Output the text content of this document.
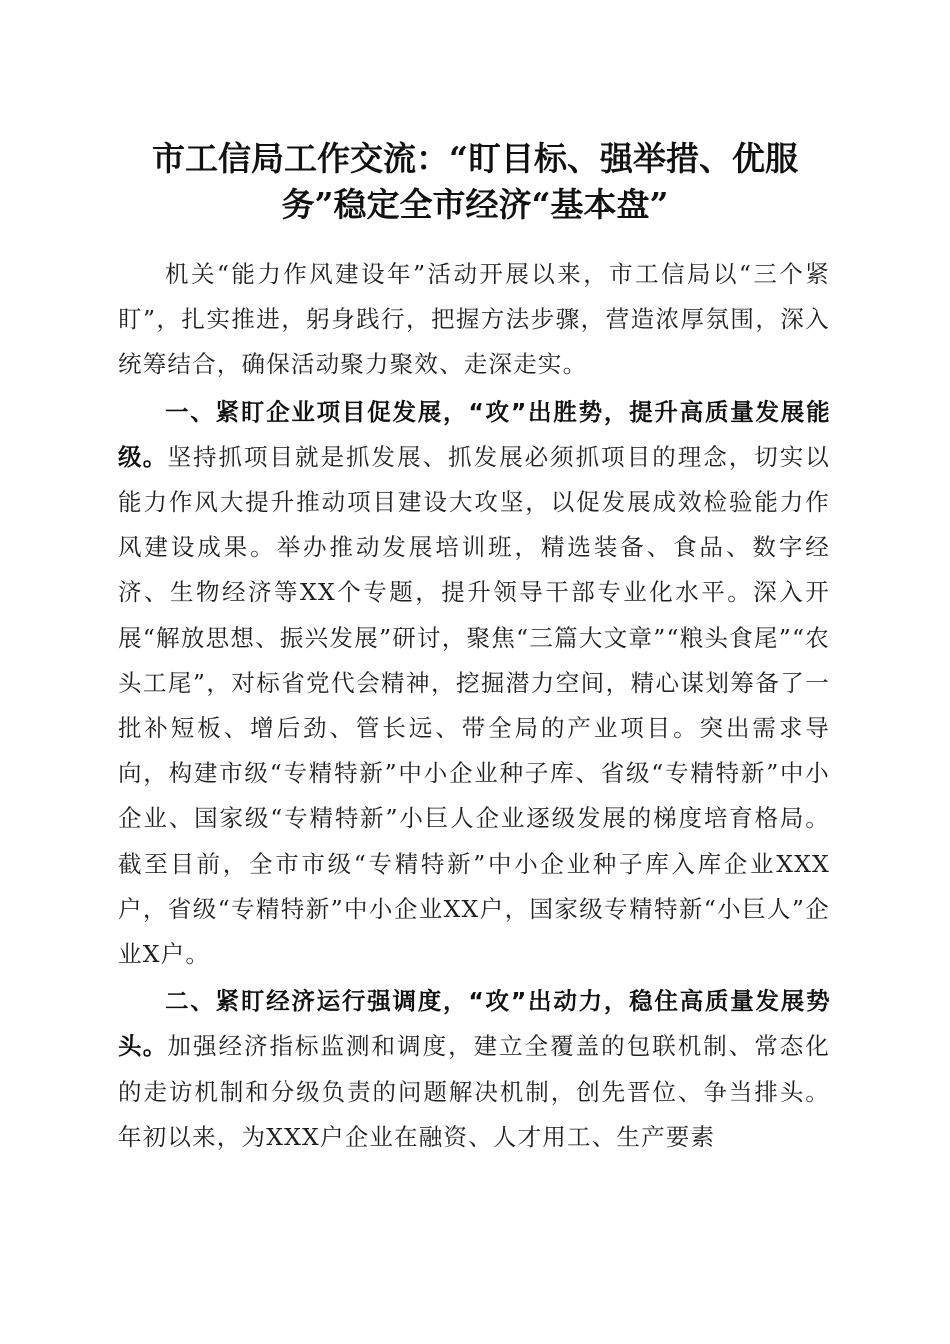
市工信局工作交流：“盯目标、强举措、优服
务”稳定全市经济“基本盘”

机关“能力作风建设年”活动开展以来，市工信局以“三个紧盯”，扎实推进，躬身践行，把握方法步骤，营造浓厚氛围，深入统筹结合，确保活动聚力聚效、走深走实。

一、紧盯企业项目促发展，“攻”出胜势，提升高质量发展能级。坚持抓项目就是抓发展、抓发展必须抓项目的理念，切实以能力作风大提升推动项目建设大攻坚，以促发展成效检验能力作风建设成果。举办推动发展培训班，精选装备、食品、数字经济、生物经济等XX个专题，提升领导干部专业化水平。深入开展“解放思想、振兴发展”研讨，聚焦“三篇大文章”“粮头食尾”“农头工尾”，对标省党代会精神，挖掘潜力空间，精心谋划筹备了一批补短板、增后劲、管长远、带全局的产业项目。突出需求导向，构建市级“专精特新”中小企业种子库、省级“专精特新”中小企业、国家级“专精特新”小巨人企业逐级发展的梯度培育格局。截至目前，全市市级“专精特新”中小企业种子库入库企业XXX户，省级“专精特新”中小企业XX户，国家级专精特新“小巨人”企业X户。

二、紧盯经济运行强调度，“攻”出动力，稳住高质量发展势头。加强经济指标监测和调度，建立全覆盖的包联机制、常态化的走访机制和分级负责的问题解决机制，创先晋位、争当排头。年初以来，为XXX户企业在融资、人才用工、生产要素
